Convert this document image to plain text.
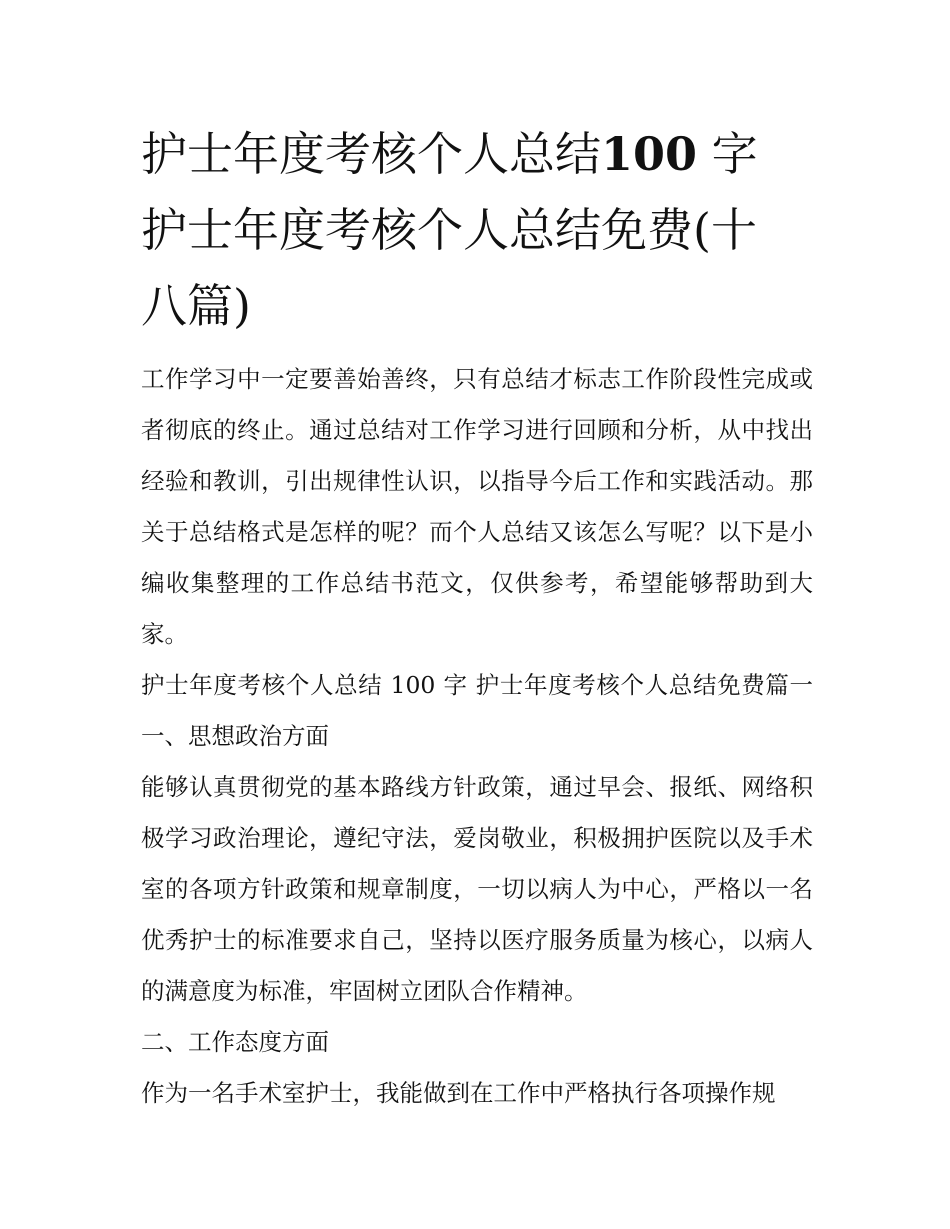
护士年度考核个人总结100 字
护士年度考核个人总结免费(十
八篇)

工作学习中一定要善始善终，只有总结才标志工作阶段性完成或者彻底的终止。通过总结对工作学习进行回顾和分析，从中找出经验和教训，引出规律性认识，以指导今后工作和实践活动。那关于总结格式是怎样的呢？而个人总结又该怎么写呢？以下是小编收集整理的工作总结书范文，仅供参考，希望能够帮助到大家。

护士年度考核个人总结 100 字 护士年度考核个人总结免费篇一 一、思想政治方面

能够认真贯彻党的基本路线方针政策，通过早会、报纸、网络积极学习政治理论，遵纪守法，爱岗敬业，积极拥护医院以及手术室的各项方针政策和规章制度，一切以病人为中心，严格以一名优秀护士的标准要求自己，坚持以医疗服务质量为核心，以病人的满意度为标准，牢固树立团队合作精神。

二、工作态度方面

作为一名手术室护士，我能做到在工作中严格执行各项操作规
